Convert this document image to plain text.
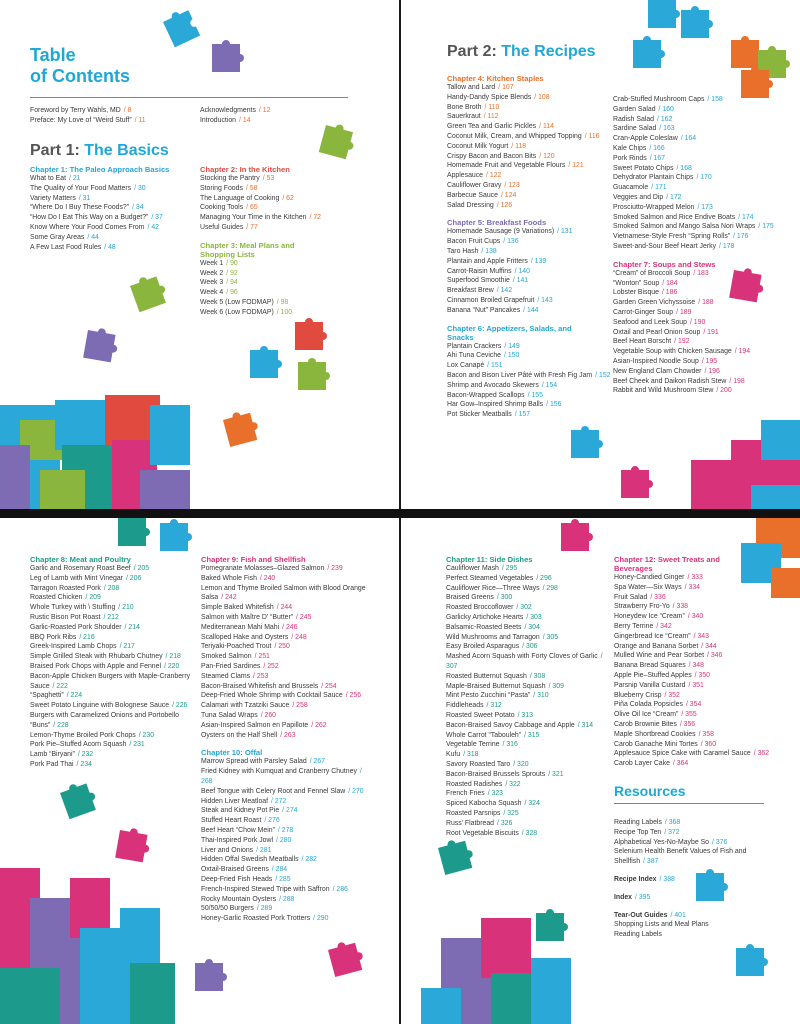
Table
of Contents
Foreword by Terry Wahls, MD / 8
Preface: My Love of “Weird Stuff” / 11
Acknowledgments / 12
Introduction / 14
Part 1: The Basics
Chapter 1: The Paleo Approach Basics
What to Eat / 21
The Quality of Your Food Matters / 30
Variety Matters / 31
“Where Do I Buy These Foods?” / 34
“How Do I Eat This Way on a Budget?” / 37
Know Where Your Food Comes From / 42
Some Gray Areas / 44
A Few Last Food Rules / 48
Chapter 2: In the Kitchen
Stocking the Pantry / 53
Storing Foods / 58
The Language of Cooking / 62
Cooking Tools / 65
Managing Your Time in the Kitchen / 72
Useful Guides / 77
Chapter 3: Meal Plans and Shopping Lists
Week 1 / 90
Week 2 / 92
Week 3 / 94
Week 4 / 96
Week 5 (Low FODMAP) / 98
Week 6 (Low FODMAP) / 100
Part 2: The Recipes
Chapter 4: Kitchen Staples
Tallow and Lard / 107
Handy-Dandy Spice Blends / 108
Bone Broth / 110
Sauerkraut / 112
Green Tea and Garlic Pickles / 114
Coconut Milk, Cream, and Whipped Topping / 116
Coconut Milk Yogurt / 118
Crispy Bacon and Bacon Bits / 120
Homemade Fruit and Vegetable Flours / 121
Applesauce / 122
Cauliflower Gravy / 123
Barbecue Sauce / 124
Salad Dressing / 126
Chapter 5: Breakfast Foods
Homemade Sausage (9 Variations) / 131
Bacon Fruit Cups / 136
Taro Hash / 138
Plantain and Apple Fritters / 139
Carrot-Raisin Muffins / 140
Superfood Smoothie / 141
Breakfast Brew / 142
Cinnamon Broiled Grapefruit / 143
Banana “Nut” Pancakes / 144
Chapter 6: Appetizers, Salads, and Snacks
Plantain Crackers / 149
Ahi Tuna Ceviche / 150
Lox Canapé / 151
Bacon and Bison Liver Pâté with Fresh Fig Jam / 152
Shrimp and Avocado Skewers / 154
Bacon-Wrapped Scallops / 155
Har Gow–Inspired Shrimp Balls / 156
Pot Sticker Meatballs / 157
Crab-Stuffed Mushroom Caps / 158
Garden Salad / 160
Radish Salad / 162
Sardine Salad / 163
Cran-Apple Coleslaw / 164
Kale Chips / 166
Pork Rinds / 167
Sweet Potato Chips / 168
Dehydrator Plantain Chips / 170
Guacamole / 171
Veggies and Dip / 172
Prosciutto-Wrapped Melon / 173
Smoked Salmon and Rice Endive Boats / 174
Smoked Salmon and Mango Salsa Nori Wraps / 175
Vietnamese-Style Fresh “Spring Rolls” / 176
Sweet-and-Sour Beef Heart Jerky / 178
Chapter 7: Soups and Stews
“Cream” of Broccoli Soup / 183
“Wonton” Soup / 184
Lobster Bisque / 186
Garden Green Vichyssoise / 188
Carrot-Ginger Soup / 189
Seafood and Leek Soup / 190
Oxtail and Pearl Onion Soup / 191
Beef Heart Borscht / 192
Vegetable Soup with Chicken Sausage / 194
Asian-Inspired Noodle Soup / 195
New England Clam Chowder / 196
Beef Cheek and Daikon Radish Stew / 198
Rabbit and Wild Mushroom Stew / 200
Chapter 8: Meat and Poultry
Garlic and Rosemary Roast Beef / 205
Leg of Lamb with Mint Vinegar / 206
Tarragon Roasted Pork / 208
Roasted Chicken / 209
Whole Turkey with \ Stuffing / 210
Rustic Bison Pot Roast / 212
Garlic-Roasted Pork Shoulder / 214
BBQ Pork Ribs / 216
Greek-Inspired Lamb Chops / 217
Simple Grilled Steak with Rhubarb Chutney / 218
Braised Pork Chops with Apple and Fennel / 220
Bacon-Apple Chicken Burgers with Maple-Cranberry Sauce / 222
“Spaghetti” / 224
Sweet Potato Linguine with Bolognese Sauce / 226
Burgers with Caramelized Onions and Portobello “Buns” / 228
Lemon-Thyme Broiled Pork Chops / 230
Pork Pie–Stuffed Acorn Squash / 231
Lamb “Biryani” / 232
Pork Pad Thai / 234
Chapter 9: Fish and Shellfish
Pomegranate Molasses–Glazed Salmon / 239
Baked Whole Fish / 240
Lemon and Thyme Broiled Salmon with Blood Orange Salsa / 242
Simple Baked Whitefish / 244
Salmon with Maître D’ “Butter” / 245
Mediterranean Mahi Mahi / 246
Scalloped Hake and Oysters / 248
Teriyaki-Poached Trout / 250
Smoked Salmon / 251
Pan-Fried Sardines / 252
Steamed Clams / 253
Bacon-Braised Whitefish and Brussels / 254
Deep-Fried Whole Shrimp with Cocktail Sauce / 256
Calamari with Tzatziki Sauce / 258
Tuna Salad Wraps / 260
Asian-Inspired Salmon en Papillote / 262
Oysters on the Half Shell / 263
Chapter 10: Offal
Marrow Spread with Parsley Salad / 267
Fried Kidney with Kumquat and Cranberry Chutney / 268
Beef Tongue with Celery Root and Fennel Slaw / 270
Hidden Liver Meatloaf / 272
Steak and Kidney Pot Pie / 274
Stuffed Heart Roast / 276
Beef Heart “Chow Mein” / 278
Thai-Inspired Pork Jowl / 280
Liver and Onions / 281
Hidden Offal Swedish Meatballs / 282
Oxtail-Braised Greens / 284
Deep-Fried Fish Heads / 285
French-Inspired Stewed Tripe with Saffron / 286
Rocky Mountain Oysters / 288
50/50/50 Burgers / 289
Honey-Garlic Roasted Pork Trotters / 290
Chapter 11: Side Dishes
Cauliflower Mash / 295
Perfect Steamed Vegetables / 296
Cauliflower Rice—Three Ways / 298
Braised Greens / 300
Roasted Broccoflower / 302
Garlicky Artichoke Hearts / 303
Balsamic-Roasted Beets / 304
Wild Mushrooms and Tarragon / 305
Easy Broiled Asparagus / 306
Mashed Acorn Squash with Forty Cloves of Garlic / 307
Roasted Butternut Squash / 308
Maple-Braised Butternut Squash / 309
Mint Pesto Zucchini “Pasta” / 310
Fiddleheads / 312
Roasted Sweet Potato / 313
Bacon-Braised Savoy Cabbage and Apple / 314
Whole Carrot “Tabouleh” / 315
Vegetable Terrine / 316
Kufu / 318
Savory Roasted Taro / 320
Bacon-Braised Brussels Sprouts / 321
Roasted Radishes / 322
French Fries / 323
Spiced Kabocha Squash / 324
Roasted Parsnips / 325
Russ’ Flatbread / 326
Root Vegetable Biscuits / 328
Chapter 12: Sweet Treats and Beverages
Honey-Candied Ginger / 333
Spa Water—Six Ways / 334
Fruit Salad / 336
Strawberry Fro-Yo / 338
Honeydew Ice “Cream” / 340
Berry Terrine / 342
Gingerbread Ice “Cream” / 343
Orange and Banana Sorbet / 344
Mulled Wine and Pear Sorbet / 346
Banana Bread Squares / 348
Apple Pie–Stuffed Apples / 350
Parsnip Vanilla Custard / 351
Blueberry Crisp / 352
Piña Colada Popsicles / 354
Olive Oil Ice “Cream” / 355
Carob Brownie Bites / 356
Maple Shortbread Cookies / 358
Carob Ganache Mini Tortes / 360
Applesauce Spice Cake with Caramel Sauce / 362
Carob Layer Cake / 364
Resources
Reading Labels / 368
Recipe Top Ten / 372
Alphabetical Yes-No-Maybe So / 376
Selenium Health Benefit Values of Fish and Shellfish / 387
Recipe Index / 388
Index / 395
Tear-Out Guides / 401
Shopping Lists and Meal Plans
Reading Labels
